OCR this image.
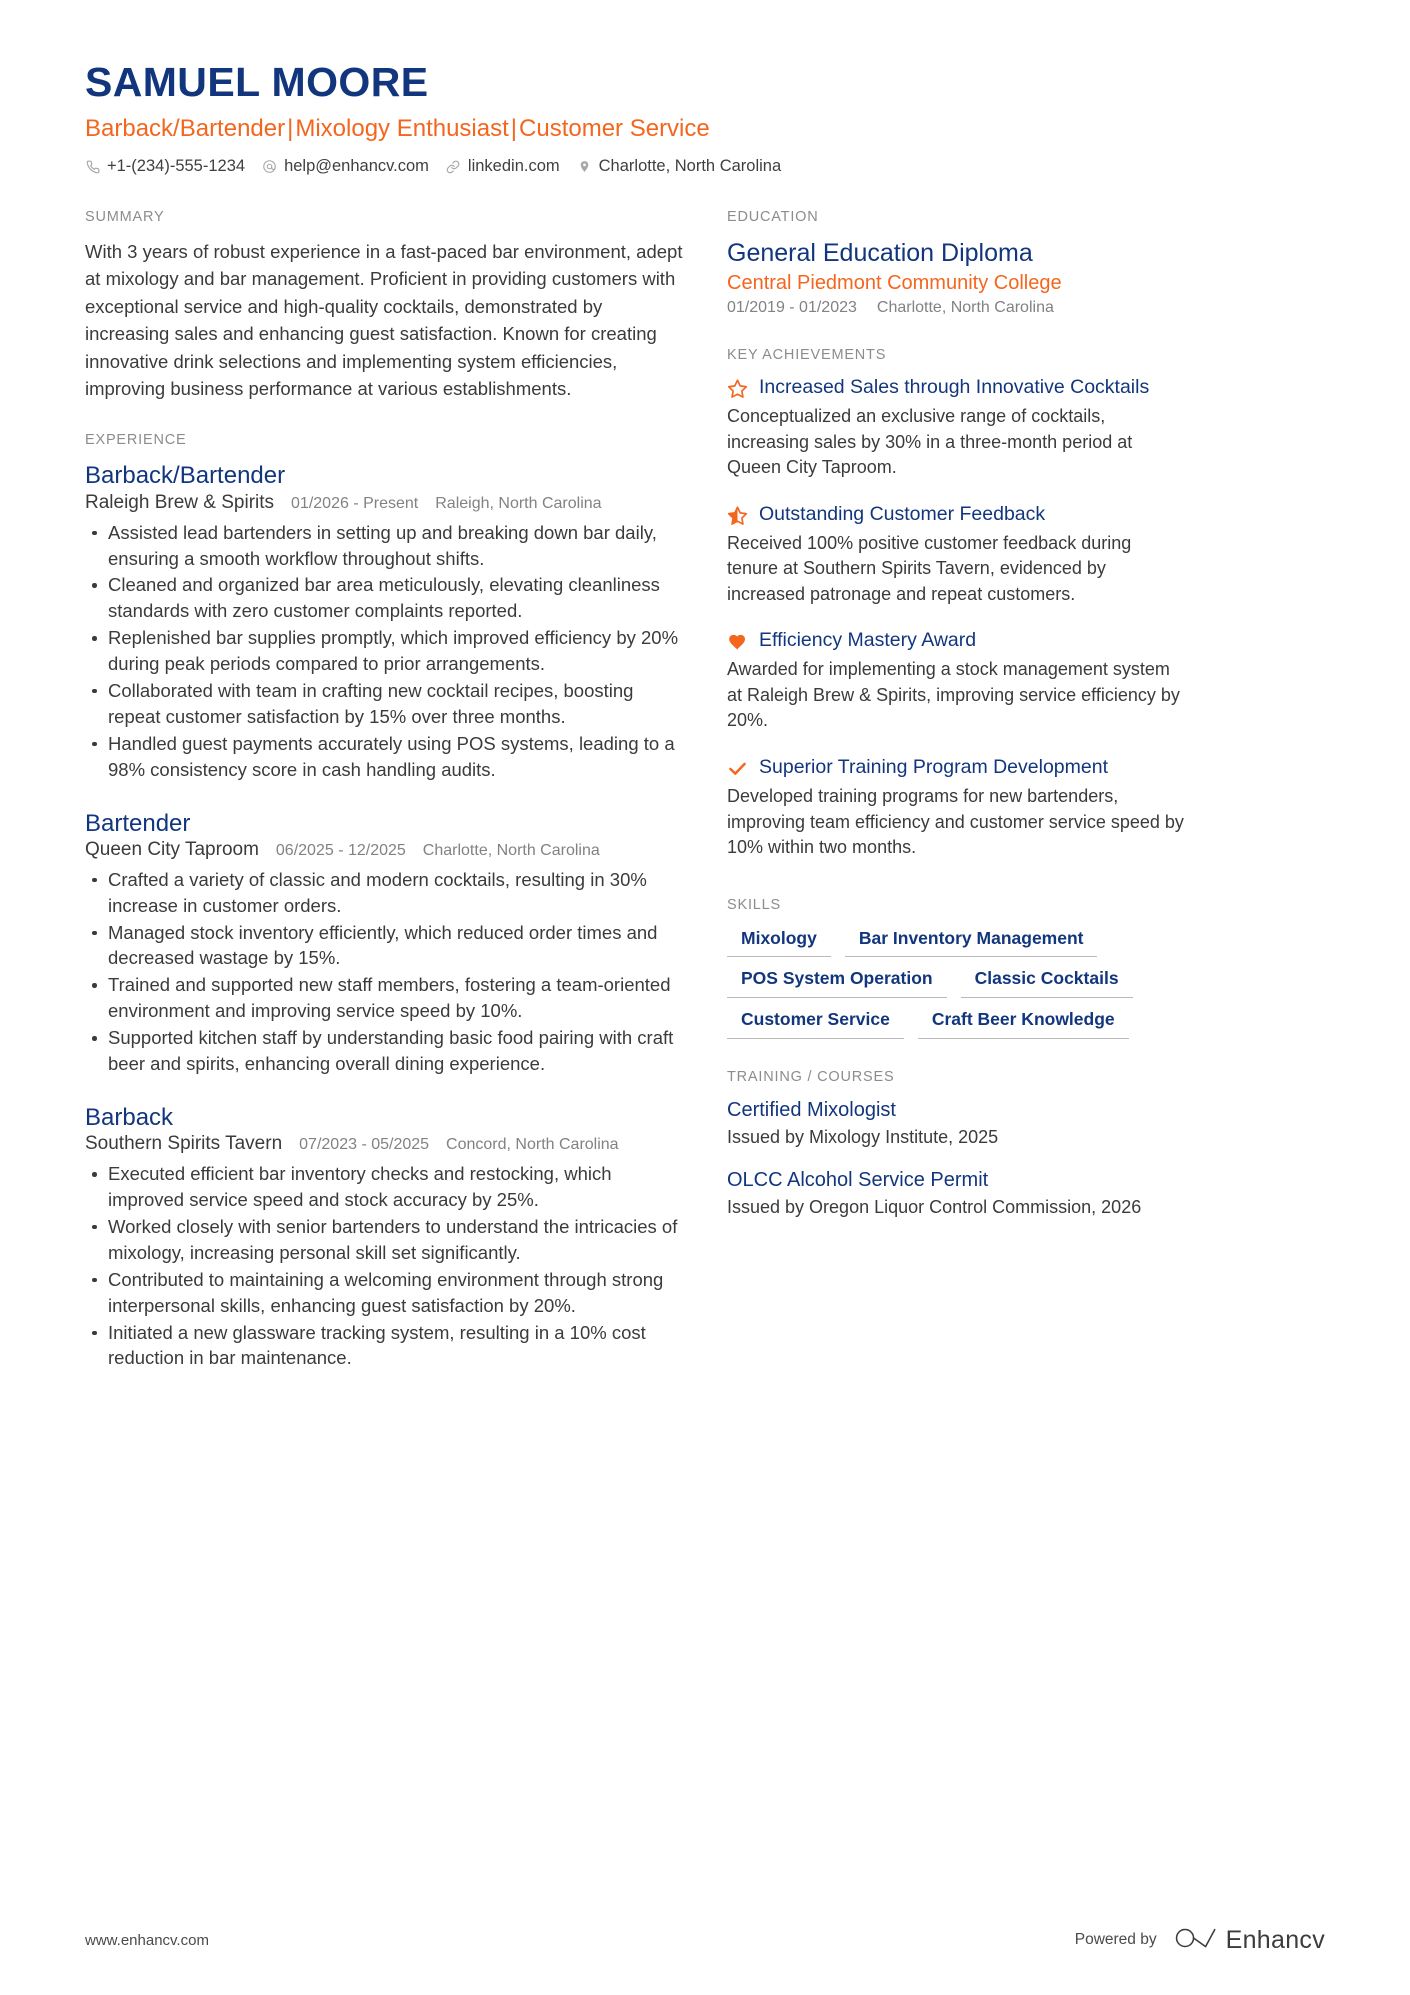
SAMUEL MOORE
Barback/Bartender|Mixology Enthusiast|Customer Service
+1-(234)-555-1234 help@enhancv.com linkedin.com Charlotte, North Carolina
SUMMARY
With 3 years of robust experience in a fast-paced bar environment, adept at mixology and bar management. Proficient in providing customers with exceptional service and high-quality cocktails, demonstrated by increasing sales and enhancing guest satisfaction. Known for creating innovative drink selections and implementing system efficiencies, improving business performance at various establishments.
EXPERIENCE
Barback/Bartender
Raleigh Brew & Spirits 01/2026 - Present Raleigh, North Carolina
Assisted lead bartenders in setting up and breaking down bar daily, ensuring a smooth workflow throughout shifts.
Cleaned and organized bar area meticulously, elevating cleanliness standards with zero customer complaints reported.
Replenished bar supplies promptly, which improved efficiency by 20% during peak periods compared to prior arrangements.
Collaborated with team in crafting new cocktail recipes, boosting repeat customer satisfaction by 15% over three months.
Handled guest payments accurately using POS systems, leading to a 98% consistency score in cash handling audits.
Bartender
Queen City Taproom 06/2025 - 12/2025 Charlotte, North Carolina
Crafted a variety of classic and modern cocktails, resulting in 30% increase in customer orders.
Managed stock inventory efficiently, which reduced order times and decreased wastage by 15%.
Trained and supported new staff members, fostering a team-oriented environment and improving service speed by 10%.
Supported kitchen staff by understanding basic food pairing with craft beer and spirits, enhancing overall dining experience.
Barback
Southern Spirits Tavern 07/2023 - 05/2025 Concord, North Carolina
Executed efficient bar inventory checks and restocking, which improved service speed and stock accuracy by 25%.
Worked closely with senior bartenders to understand the intricacies of mixology, increasing personal skill set significantly.
Contributed to maintaining a welcoming environment through strong interpersonal skills, enhancing guest satisfaction by 20%.
Initiated a new glassware tracking system, resulting in a 10% cost reduction in bar maintenance.
EDUCATION
General Education Diploma
Central Piedmont Community College
01/2019 - 01/2023 Charlotte, North Carolina
KEY ACHIEVEMENTS
Increased Sales through Innovative Cocktails
Conceptualized an exclusive range of cocktails, increasing sales by 30% in a three-month period at Queen City Taproom.
Outstanding Customer Feedback
Received 100% positive customer feedback during tenure at Southern Spirits Tavern, evidenced by increased patronage and repeat customers.
Efficiency Mastery Award
Awarded for implementing a stock management system at Raleigh Brew & Spirits, improving service efficiency by 20%.
Superior Training Program Development
Developed training programs for new bartenders, improving team efficiency and customer service speed by 10% within two months.
SKILLS
Mixology	Bar Inventory Management
POS System Operation	Classic Cocktails
Customer Service	Craft Beer Knowledge
TRAINING / COURSES
Certified Mixologist
Issued by Mixology Institute, 2025
OLCC Alcohol Service Permit
Issued by Oregon Liquor Control Commission, 2026
www.enhancv.com	Powered by	Enhancv
